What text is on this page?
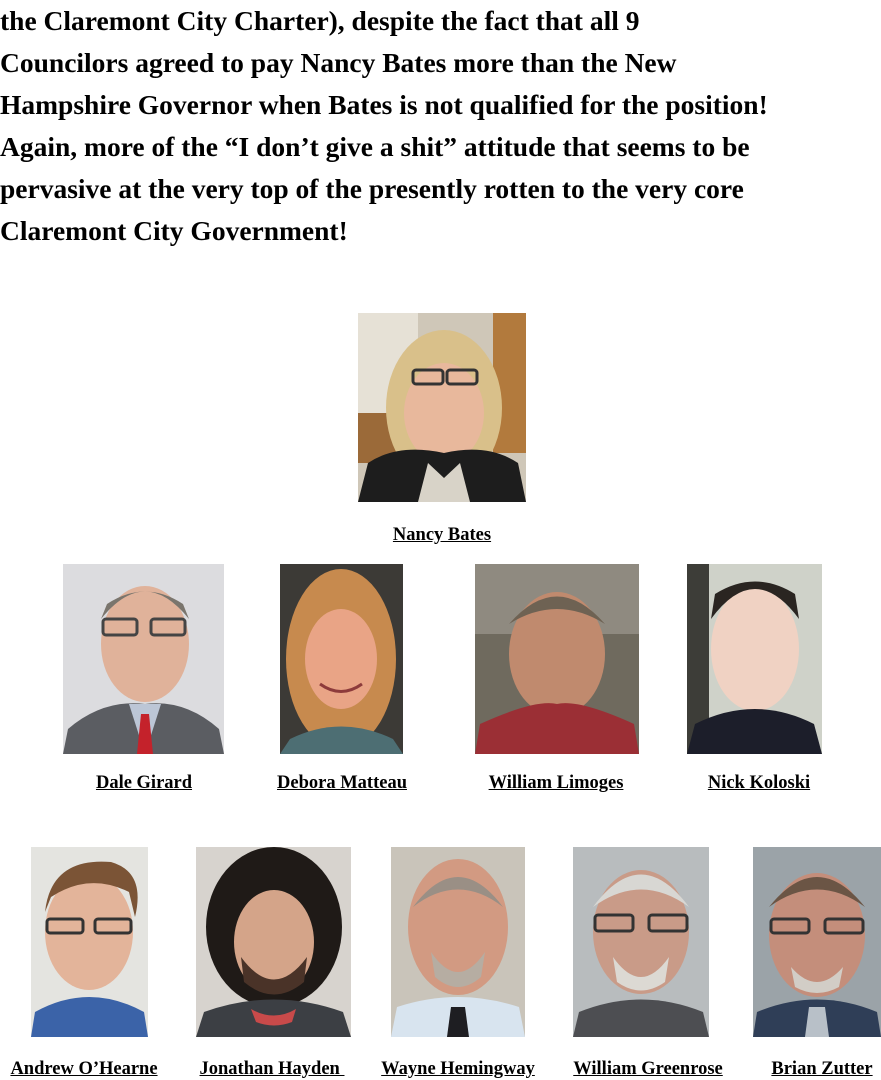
the Claremont City Charter), despite the fact that all 9
Councilors agreed to pay Nancy Bates more than the New
Hampshire Governor when Bates is not qualified for the position!
Again, more of the “I don’t give a shit” attitude that seems to be
pervasive at the very top of the presently rotten to the very core
Claremont City Government!
Nancy Bates
Dale Girard	Debora Matteau	William Limoges	Nick Koloski
Andrew O’Hearne	Jonathan Hayden	Wayne Hemingway	William Greenrose	Brian Zutter
